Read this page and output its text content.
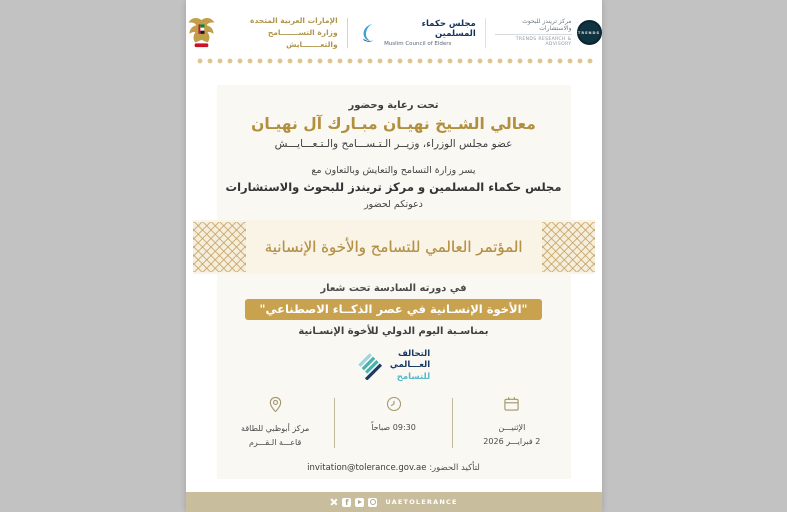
الإمارات العربية المتحدة
وزارة التســـــــامح والتعـــــــايش
مجلس حكماء المسلمين
Muslim Council of Elders
مركز تريندز للبحوث والاستشارات
TRENDS RESEARCH & ADVISORY
TRENDS
تحت رعاية وحضور
معالي الشـيخ نهيـان مبـارك آل نهيـان
عضو مجلس الوزراء، وزيــر الـتـســـامح والـتـعـــايـــش
يسر وزارة التسامح والتعايش وبالتعاون مع
مجلس حكماء المسلمين و مركز تريندز للبحوث والاستشارات
دعوتكم لحضور
المؤتمر العالمي للتسامح والأخوة الإنسانية
في دورته السادسة تحت شعار
"الأخوة الإنسـانية في عصر الذكــاء الاصطناعي"
بمناسـبة اليوم الدولي للأخوة الإنسـانية
التحالف
العـــالمي
للتسامح
الإثنيـــن
2 فبرايـــر 2026
09:30 صباحاً
مركز أبوظبي للطاقة
قاعـــة الـقـــرم
لتأكيد الحضور: invitation@tolerance.gov.ae
f
UAETOLERANCE
